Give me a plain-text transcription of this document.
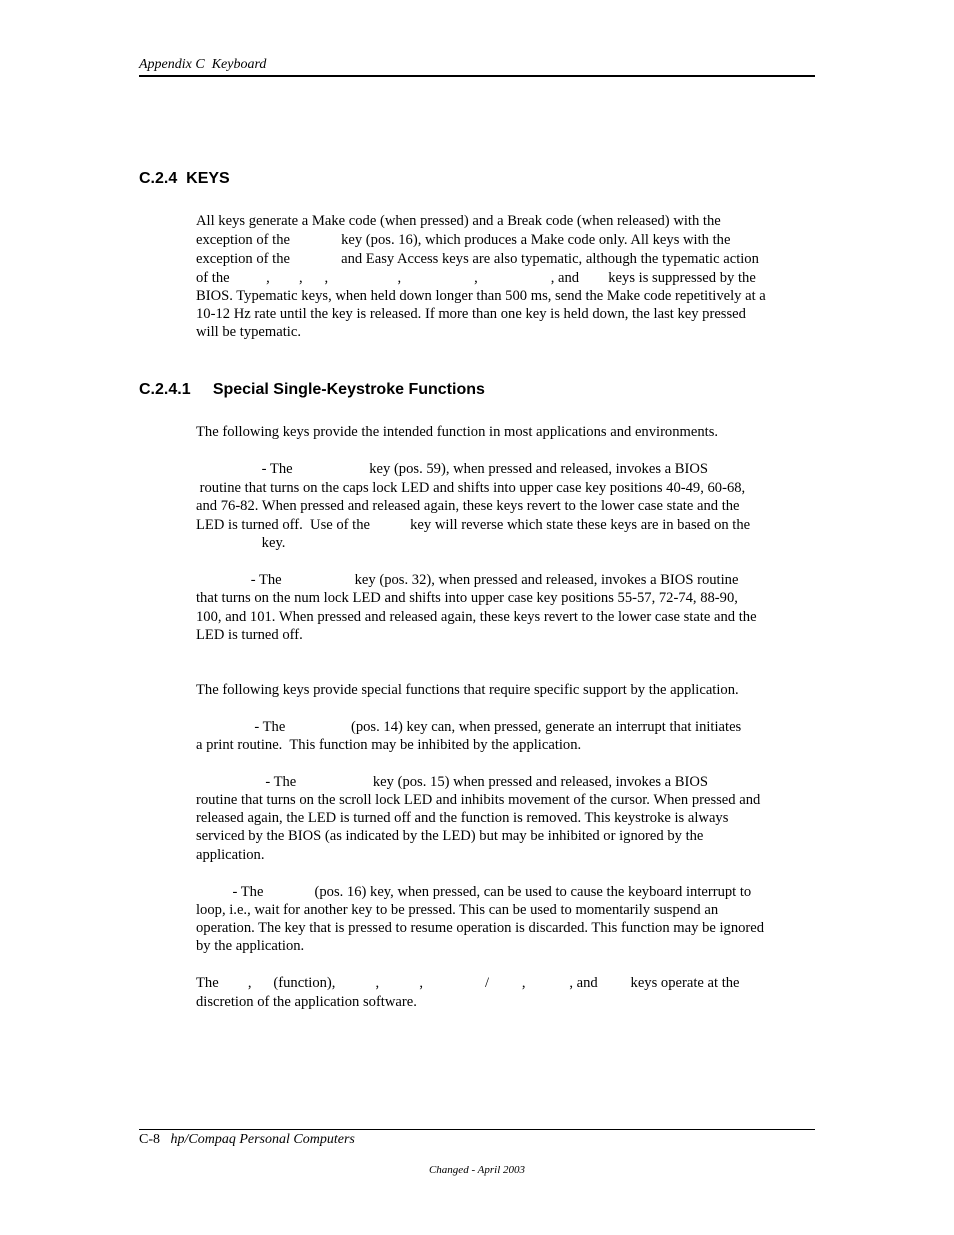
Appendix C  Keyboard
C.2.4  KEYS
All keys generate a Make code (when pressed) and a Break code (when released) with the
exception of the              key (pos. 16), which produces a Make code only. All keys with the
exception of the              and Easy Access keys are also typematic, although the typematic action
of the          ,        ,      ,                   ,                    ,                    , and        keys is suppressed by the
BIOS. Typematic keys, when held down longer than 500 ms, send the Make code repetitively at a
10-12 Hz rate until the key is released. If more than one key is held down, the last key pressed
will be typematic.
C.2.4.1     Special Single-Keystroke Functions
The following keys provide the intended function in most applications and environments.
- The                     key (pos. 59), when pressed and released, invokes a BIOS
routine that turns on the caps lock LED and shifts into upper case key positions 40-49, 60-68,
and 76-82. When pressed and released again, these keys revert to the lower case state and the
LED is turned off.  Use of the           key will reverse which state these keys are in based on the
key.
- The                    key (pos. 32), when pressed and released, invokes a BIOS routine
that turns on the num lock LED and shifts into upper case key positions 55-57, 72-74, 88-90,
100, and 101. When pressed and released again, these keys revert to the lower case state and the
LED is turned off.
The following keys provide special functions that require specific support by the application.
- The                  (pos. 14) key can, when pressed, generate an interrupt that initiates
a print routine.  This function may be inhibited by the application.
- The                     key (pos. 15) when pressed and released, invokes a BIOS
routine that turns on the scroll lock LED and inhibits movement of the cursor. When pressed and
released again, the LED is turned off and the function is removed. This keystroke is always
serviced by the BIOS (as indicated by the LED) but may be inhibited or ignored by the
application.
- The              (pos. 16) key, when pressed, can be used to cause the keyboard interrupt to
loop, i.e., wait for another key to be pressed. This can be used to momentarily suspend an
operation. The key that is pressed to resume operation is discarded. This function may be ignored
by the application.
The        ,      (function),           ,           ,                 /         ,            , and         keys operate at the
discretion of the application software.
C-8 hp/Compaq Personal Computers
Changed - April 2003
